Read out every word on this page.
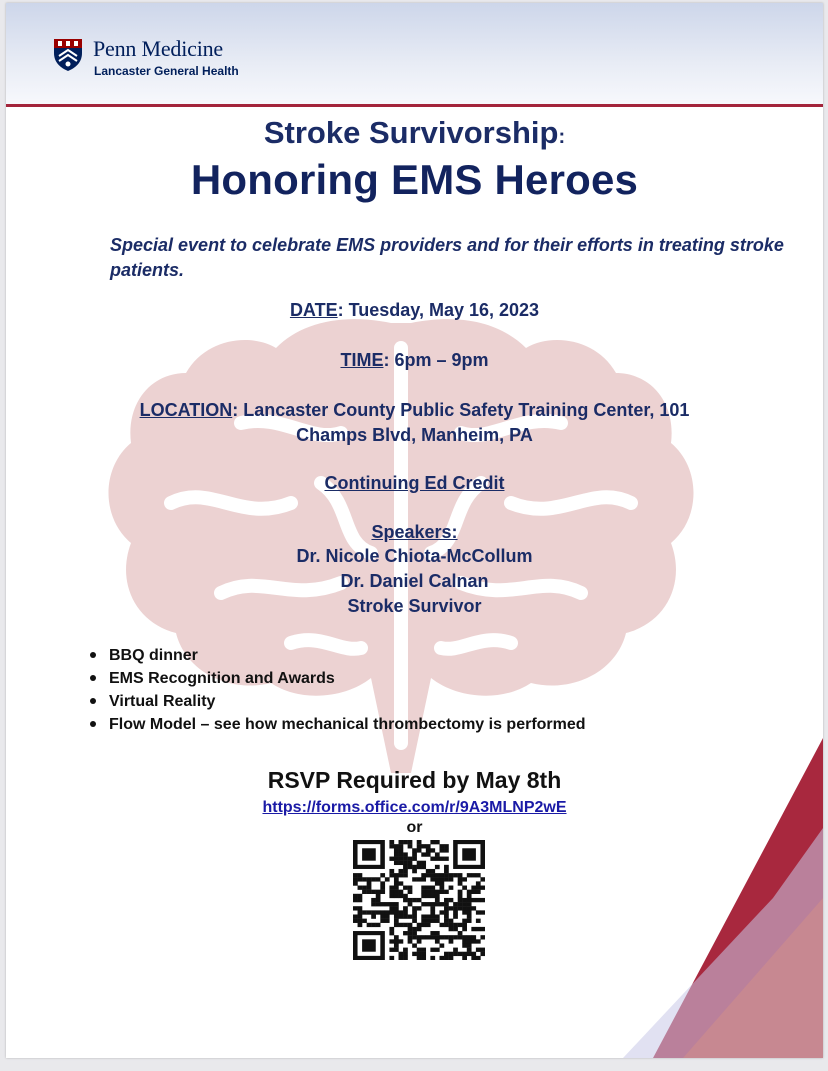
Penn Medicine
Lancaster General Health
Stroke Survivorship:
Honoring EMS Heroes
Special event to celebrate EMS providers and for their efforts in treating stroke patients.
DATE: Tuesday, May 16, 2023
TIME: 6pm – 9pm
LOCATION: Lancaster County Public Safety Training Center, 101
Champs Blvd, Manheim, PA
Continuing Ed Credit
Speakers:
Dr. Nicole Chiota-McCollum
Dr. Daniel Calnan
Stroke Survivor
BBQ dinner
EMS Recognition and Awards
Virtual Reality
Flow Model – see how mechanical thrombectomy is performed
RSVP Required by May 8th
https://forms.office.com/r/9A3MLNP2wE
or
